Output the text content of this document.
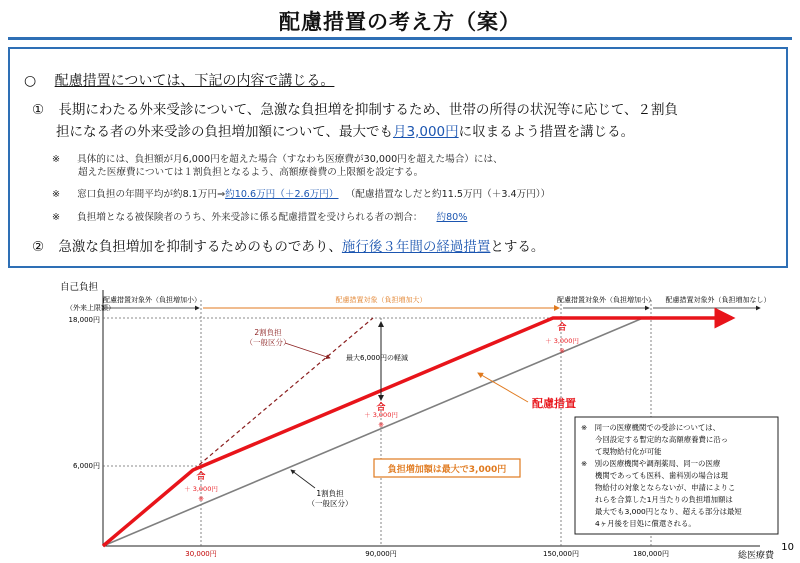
配慮措置の考え方（案）
○ 配慮措置については、下記の内容で講じる。
① 長期にわたる外来受診について、急激な負担増を抑制するため、世帯の所得の状況等に応じて、２割負
担になる者の外来受診の負担増加額について、最大でも月3,000円に収まるよう措置を講じる。
※ 具体的には、負担額が月6,000円を超えた場合（すなわち医療費が30,000円を超えた場合）には、
超えた医療費については１割負担となるよう、高額療養費の上限額を設定する。
※ 窓口負担の年間平均が約8.1万円⇒約10.6万円（＋2.6万円） （配慮措置なしだと約11.5万円（＋3.4万円））
※ 負担増となる被保険者のうち、外来受診に係る配慮措置を受けられる者の割合： 約80%
② 急激な負担増加を抑制するためのものであり、施行後３年間の経過措置とする。
自己負担
（外来上限額）
総医療費
6,000円
18,000円
30,000円	90,000円	150,000円	180,000円
配慮措置対象外（負担増加小）	配慮措置対象（負担増加大）	配慮措置対象外（負担増加小） 配慮措置対象外（負担増加なし）
最大6,000円の軽減
合
＋ 3,000円
※
合
＋ 3,000円
※
合
＋ 3,000円
※
2割負担
（一般区分）
配慮措置
1割負担
（一般区分）
負担増加額は最大で3,000円
※　同一の医療機関での受診については、
今回設定する暫定的な高額療養費に沿っ
て現物給付化が可能
※　別の医療機関や調剤薬局、同一の医療
機関であっても医科、歯科別の場合は現
物給付の対象とならないが、申請によりこ
れらを合算した1月当たりの負担増加額は
最大でも3,000円となり、超える部分は最短
4ヶ月後を目処に償還される。
10
